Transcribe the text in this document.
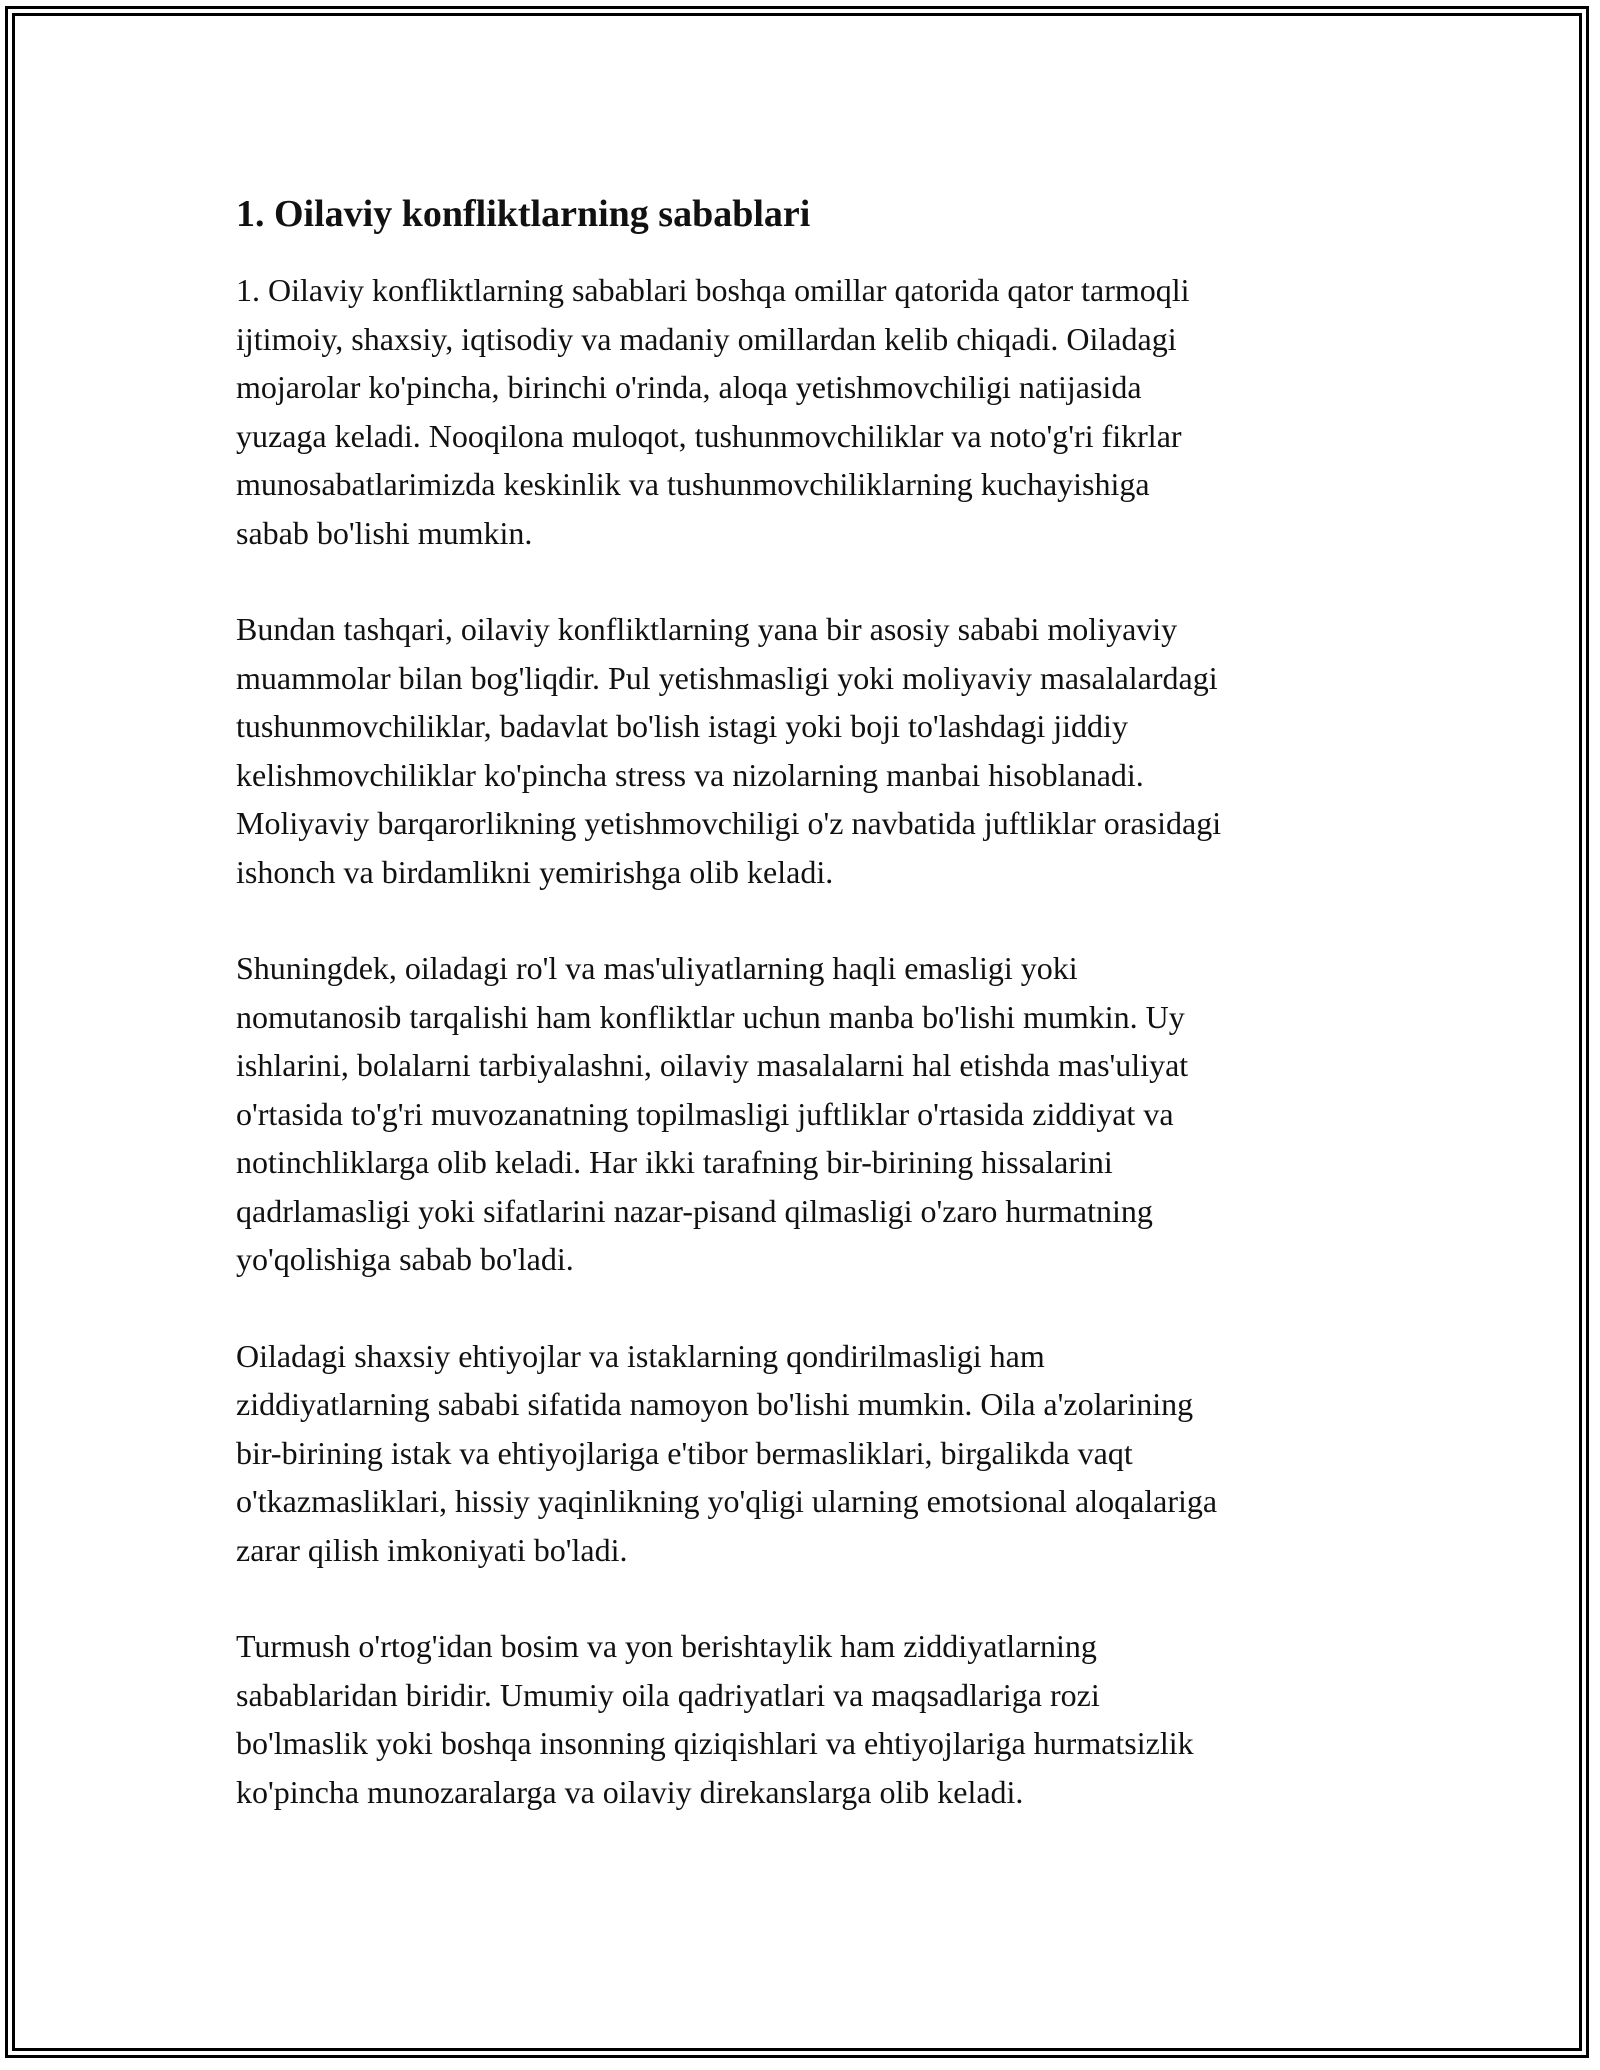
1. Oilaviy konfliktlarning sabablari

1. Oilaviy konfliktlarning sabablari boshqa omillar qatorida qator tarmoqli
ijtimoiy, shaxsiy, iqtisodiy va madaniy omillardan kelib chiqadi. Oiladagi
mojarolar ko'pincha, birinchi o'rinda, aloqa yetishmovchiligi natijasida
yuzaga keladi. Nooqilona muloqot, tushunmovchiliklar va noto'g'ri fikrlar
munosabatlarimizda keskinlik va tushunmovchiliklarning kuchayishiga
sabab bo'lishi mumkin.

Bundan tashqari, oilaviy konfliktlarning yana bir asosiy sababi moliyaviy
muammolar bilan bog'liqdir. Pul yetishmasligi yoki moliyaviy masalalardagi
tushunmovchiliklar, badavlat bo'lish istagi yoki boji to'lashdagi jiddiy
kelishmovchiliklar ko'pincha stress va nizolarning manbai hisoblanadi.
Moliyaviy barqarorlikning yetishmovchiligi o'z navbatida juftliklar orasidagi
ishonch va birdamlikni yemirishga olib keladi.

Shuningdek, oiladagi ro'l va mas'uliyatlarning haqli emasligi yoki
nomutanosib tarqalishi ham konfliktlar uchun manba bo'lishi mumkin. Uy
ishlarini, bolalarni tarbiyalashni, oilaviy masalalarni hal etishda mas'uliyat
o'rtasida to'g'ri muvozanatning topilmasligi juftliklar o'rtasida ziddiyat va
notinchliklarga olib keladi. Har ikki tarafning bir-birining hissalarini
qadrlamasligi yoki sifatlarini nazar-pisand qilmasligi o'zaro hurmatning
yo'qolishiga sabab bo'ladi.

Oiladagi shaxsiy ehtiyojlar va istaklarning qondirilmasligi ham
ziddiyatlarning sababi sifatida namoyon bo'lishi mumkin. Oila a'zolarining
bir-birining istak va ehtiyojlariga e'tibor bermasliklari, birgalikda vaqt
o'tkazmasliklari, hissiy yaqinlikning yo'qligi ularning emotsional aloqalariga
zarar qilish imkoniyati bo'ladi.

Turmush o'rtog'idan bosim va yon berishtaylik ham ziddiyatlarning
sabablaridan biridir. Umumiy oila qadriyatlari va maqsadlariga rozi
bo'lmaslik yoki boshqa insonning qiziqishlari va ehtiyojlariga hurmatsizlik
ko'pincha munozaralarga va oilaviy direkanslarga olib keladi.
